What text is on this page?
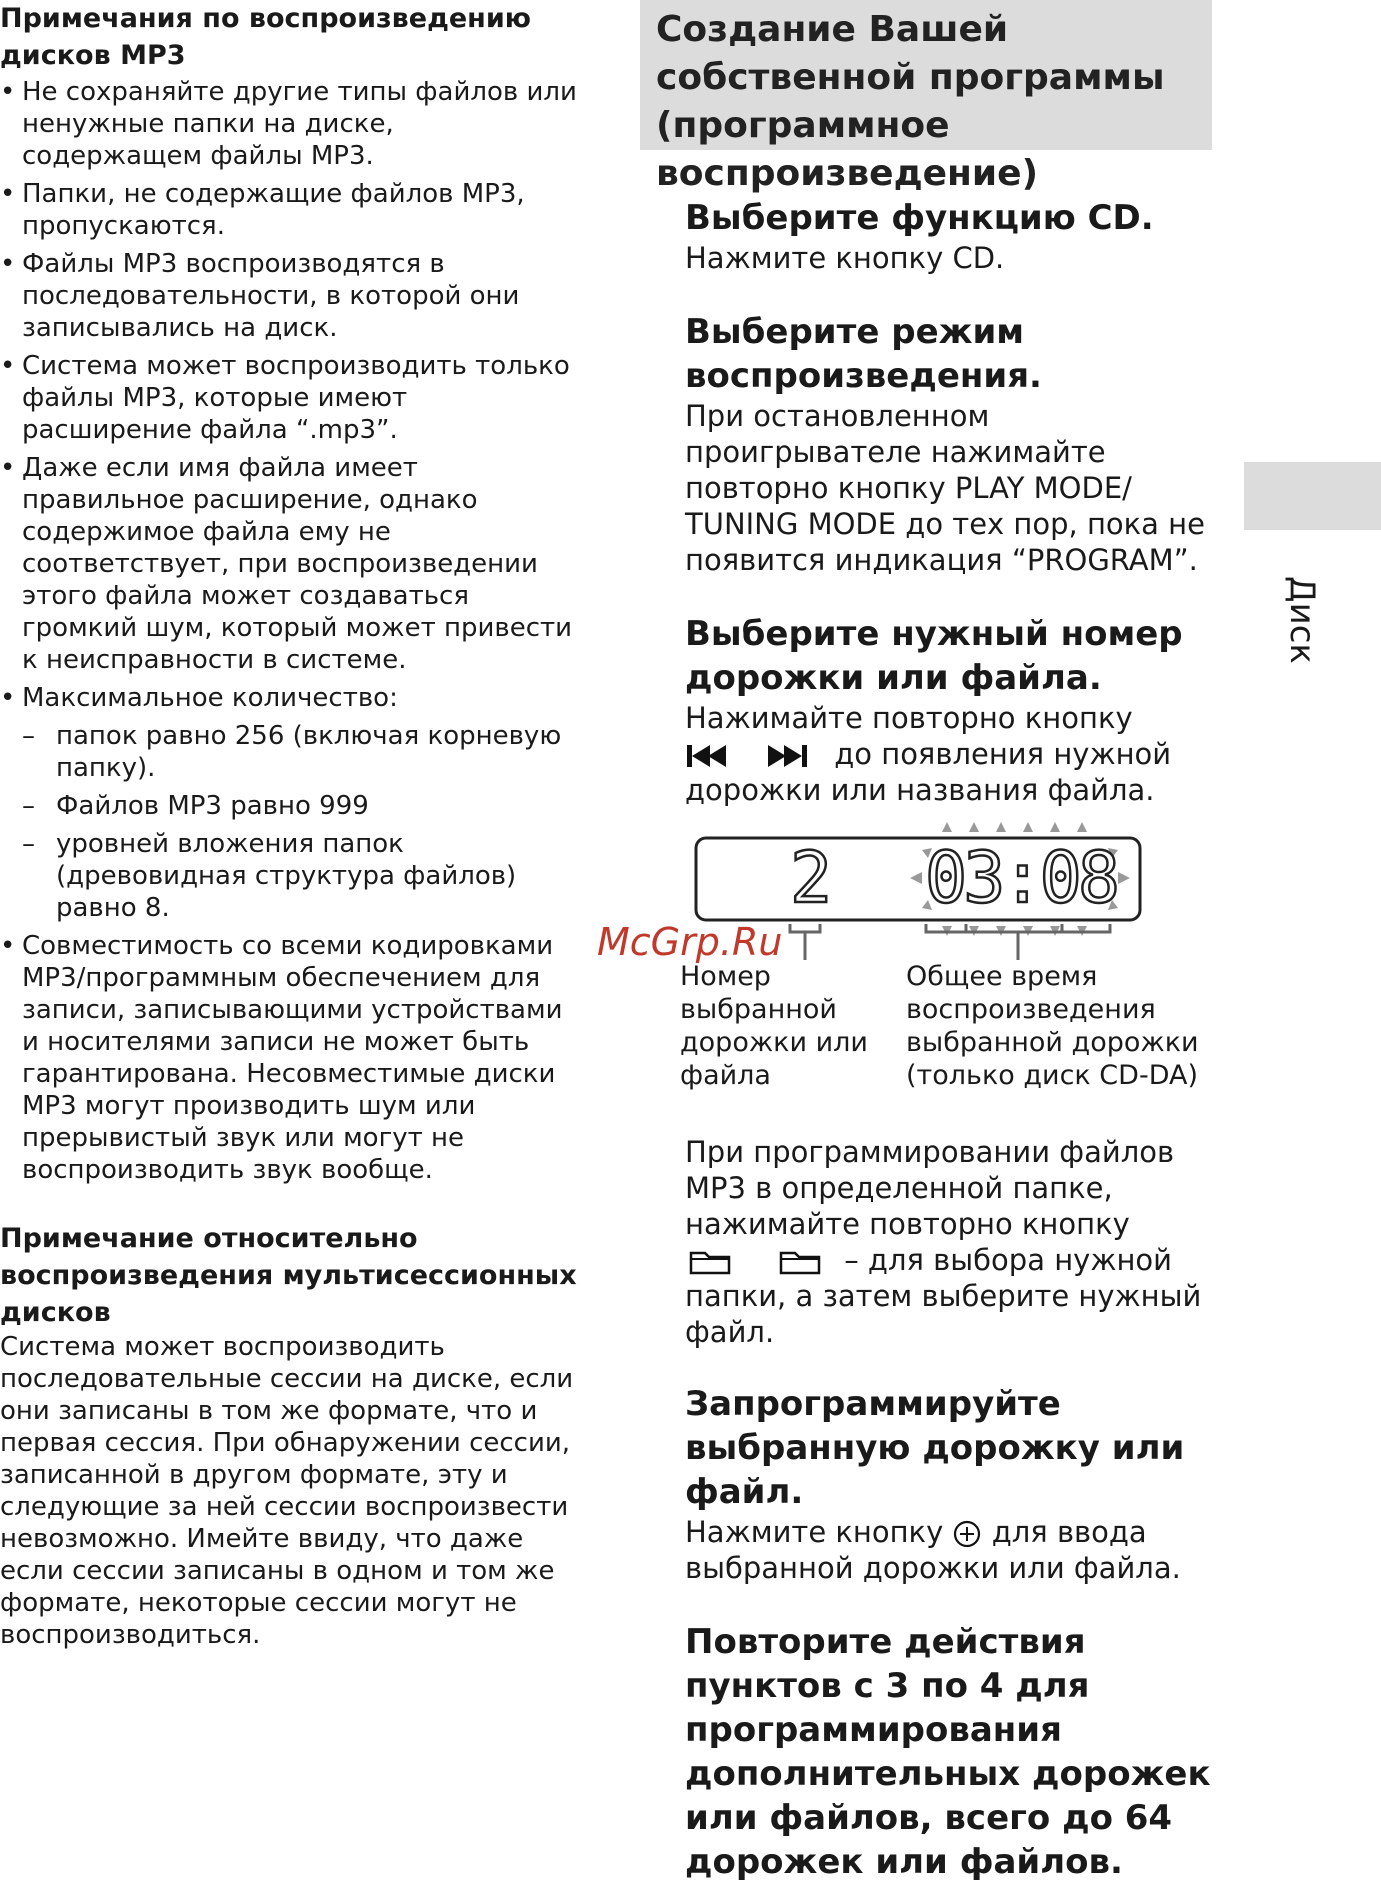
Примечания по воспроизведению дисков MP3
• Не сохраняйте другие типы файлов или ненужные папки на диске, содержащем файлы MP3.
• Папки, не содержащие файлов MP3, пропускаются.
• Файлы MP3 воспроизводятся в последовательности, в которой они записывались на диск.
• Система может воспроизводить только файлы MP3, которые имеют расширение файла “.mp3”.
• Даже если имя файла имеет правильное расширение, однако содержимое файла ему не соответствует, при воспроизведении этого файла может создаваться громкий шум, который может привести к неисправности в системе.
• Максимальное количество:
– папок равно 256 (включая корневую папку).
– Файлов MP3 равно 999
– уровней вложения папок (древовидная структура файлов) равно 8.
• Совместимость со всеми кодировками MP3/программным обеспечением для записи, записывающими устройствами и носителями записи не может быть гарантирована. Несовместимые диски MP3 могут производить шум или прерывистый звук или могут не воспроизводить звук вообще.
Примечание относительно воспроизведения мультисессионных дисков

Система может воспроизводить последовательные сессии на диске, если они записаны в том же формате, что и первая сессия. При обнаружении сессии, записанной в другом формате, эту и следующие за ней сессии воспроизвести невозможно. Имейте ввиду, что даже если сессии записаны в одном и том же формате, некоторые сессии могут не воспроизводиться.

Создание Вашей собственной программы (программное воспроизведение)
Диск
Выберите функцию CD.

Нажмите кнопку CD.

Выберите режим воспроизведения.

При остановленном проигрывателе нажимайте повторно кнопку PLAY MODE/ TUNING MODE до тех пор, пока не появится индикация “PROGRAM”.

Выберите нужный номер дорожки или файла.

Нажимайте повторно кнопку
до появления нужной дорожки или названия файла.

2 03:08
McGrp.Ru
Номер выбранной дорожки или файла
Общее время воспроизведения выбранной дорожки (только диск CD-DA)

При программировании файлов MP3 в определенной папке, нажимайте повторно кнопку
– для выбора нужной папки, а затем выберите нужный файл.

Запрограммируйте выбранную дорожку или файл.

Нажмите кнопку для ввода выбранной дорожки или файла.

Повторите действия пунктов с 3 по 4 для программирования дополнительных дорожек или файлов, всего до 64 дорожек или файлов.
